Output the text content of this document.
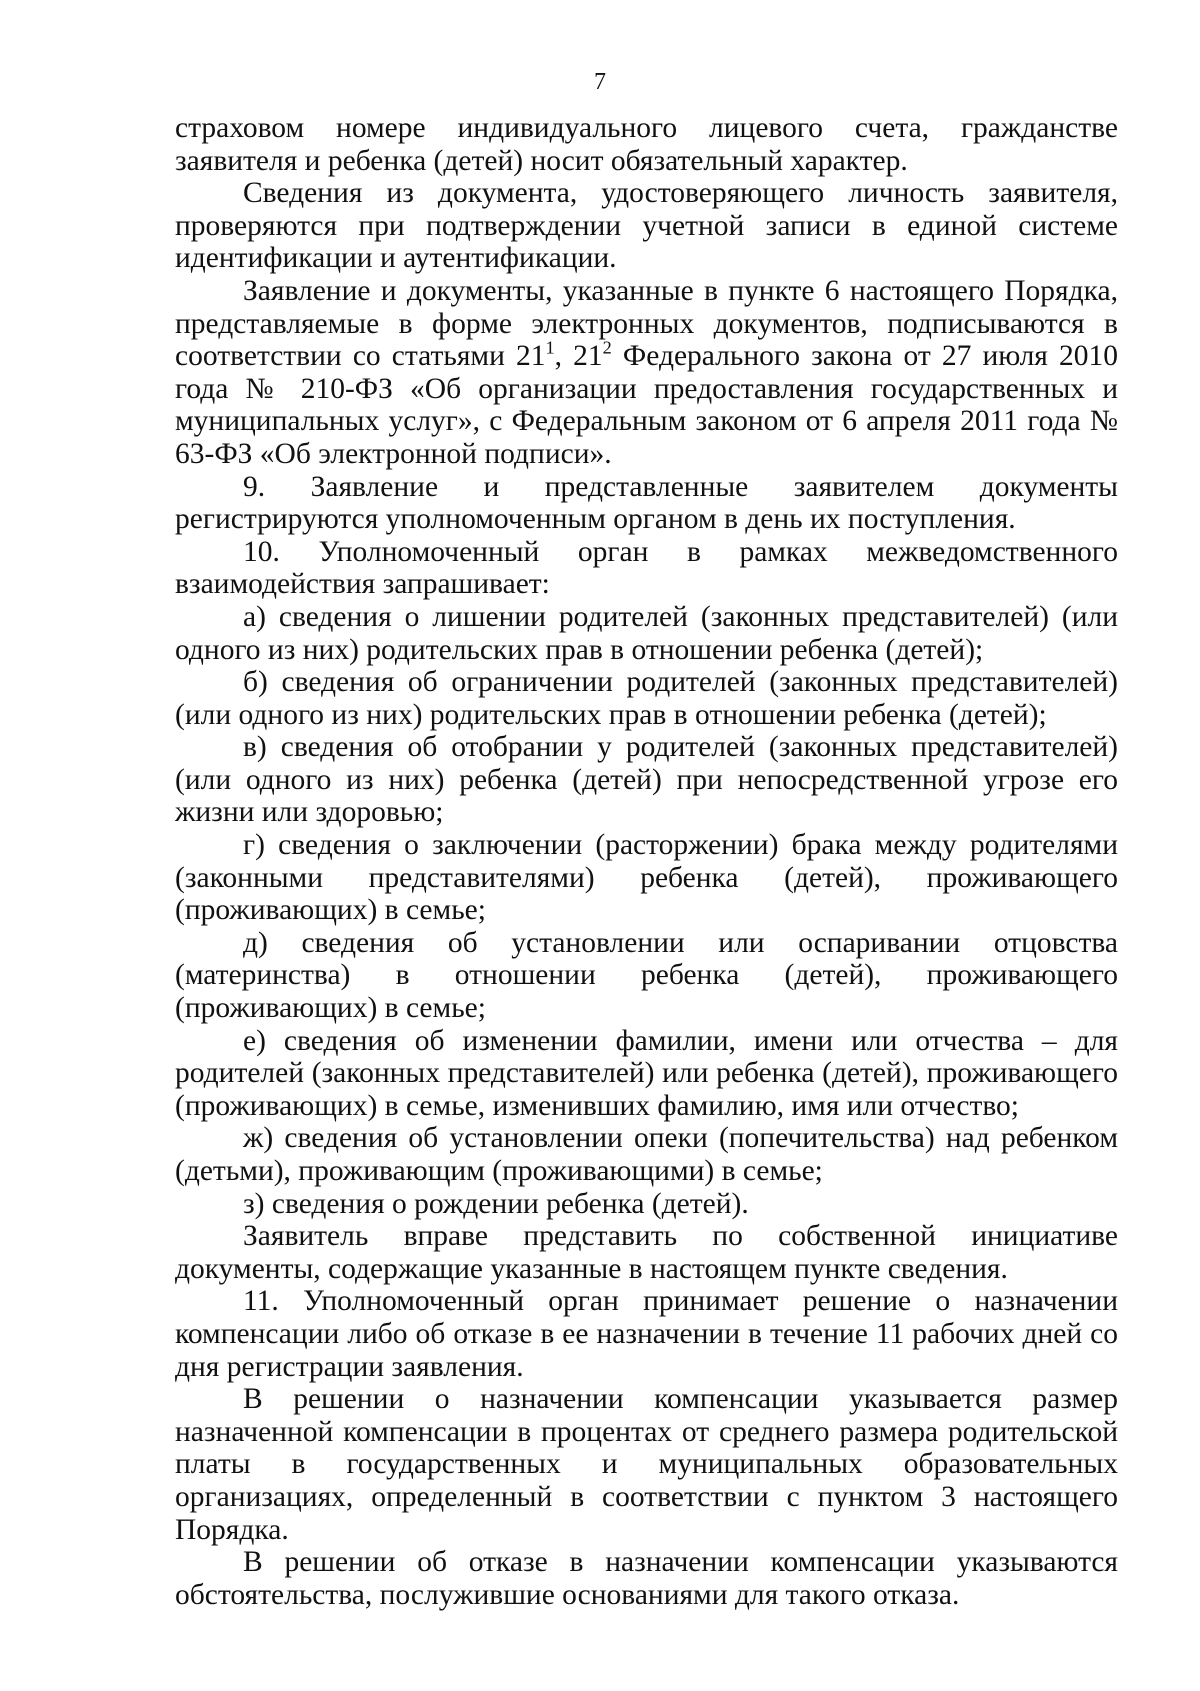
7

страховом номере индивидуального лицевого счета, гражданстве заявителя и ребенка (детей) носит обязательный характер.

Сведения из документа, удостоверяющего личность заявителя, проверяются при подтверждении учетной записи в единой системе идентификации и аутентификации.

Заявление и документы, указанные в пункте 6 настоящего Порядка, представляемые в форме электронных документов, подписываются в соответствии со статьями $21^1$, $21^2$ Федерального закона от 27 июля 2010 года № 210-ФЗ «Об организации предоставления государственных и муниципальных услуг», с Федеральным законом от 6 апреля 2011 года № 63-ФЗ «Об электронной подписи».

9. Заявление и представленные заявителем документы регистрируются уполномоченным органом в день их поступления.

10. Уполномоченный орган в рамках межведомственного взаимодействия запрашивает:

а) сведения о лишении родителей (законных представителей) (или одного из них) родительских прав в отношении ребенка (детей);

б) сведения об ограничении родителей (законных представителей) (или одного из них) родительских прав в отношении ребенка (детей);

в) сведения об отобрании у родителей (законных представителей) (или одного из них) ребенка (детей) при непосредственной угрозе его жизни или здоровью;

г) сведения о заключении (расторжении) брака между родителями (законными представителями) ребенка (детей), проживающего (проживающих) в семье;

д) сведения об установлении или оспаривании отцовства (материнства) в отношении ребенка (детей), проживающего (проживающих) в семье;

е) сведения об изменении фамилии, имени или отчества – для родителей (законных представителей) или ребенка (детей), проживающего (проживающих) в семье, изменивших фамилию, имя или отчество;

ж) сведения об установлении опеки (попечительства) над ребенком (детьми), проживающим (проживающими) в семье;

з) сведения о рождении ребенка (детей).

Заявитель вправе представить по собственной инициативе документы, содержащие указанные в настоящем пункте сведения.

11. Уполномоченный орган принимает решение о назначении компенсации либо об отказе в ее назначении в течение 11 рабочих дней со дня регистрации заявления.

В решении о назначении компенсации указывается размер назначенной компенсации в процентах от среднего размера родительской платы в государственных и муниципальных образовательных организациях, определенный в соответствии с пунктом 3 настоящего Порядка.

В решении об отказе в назначении компенсации указываются обстоятельства, послужившие основаниями для такого отказа.
